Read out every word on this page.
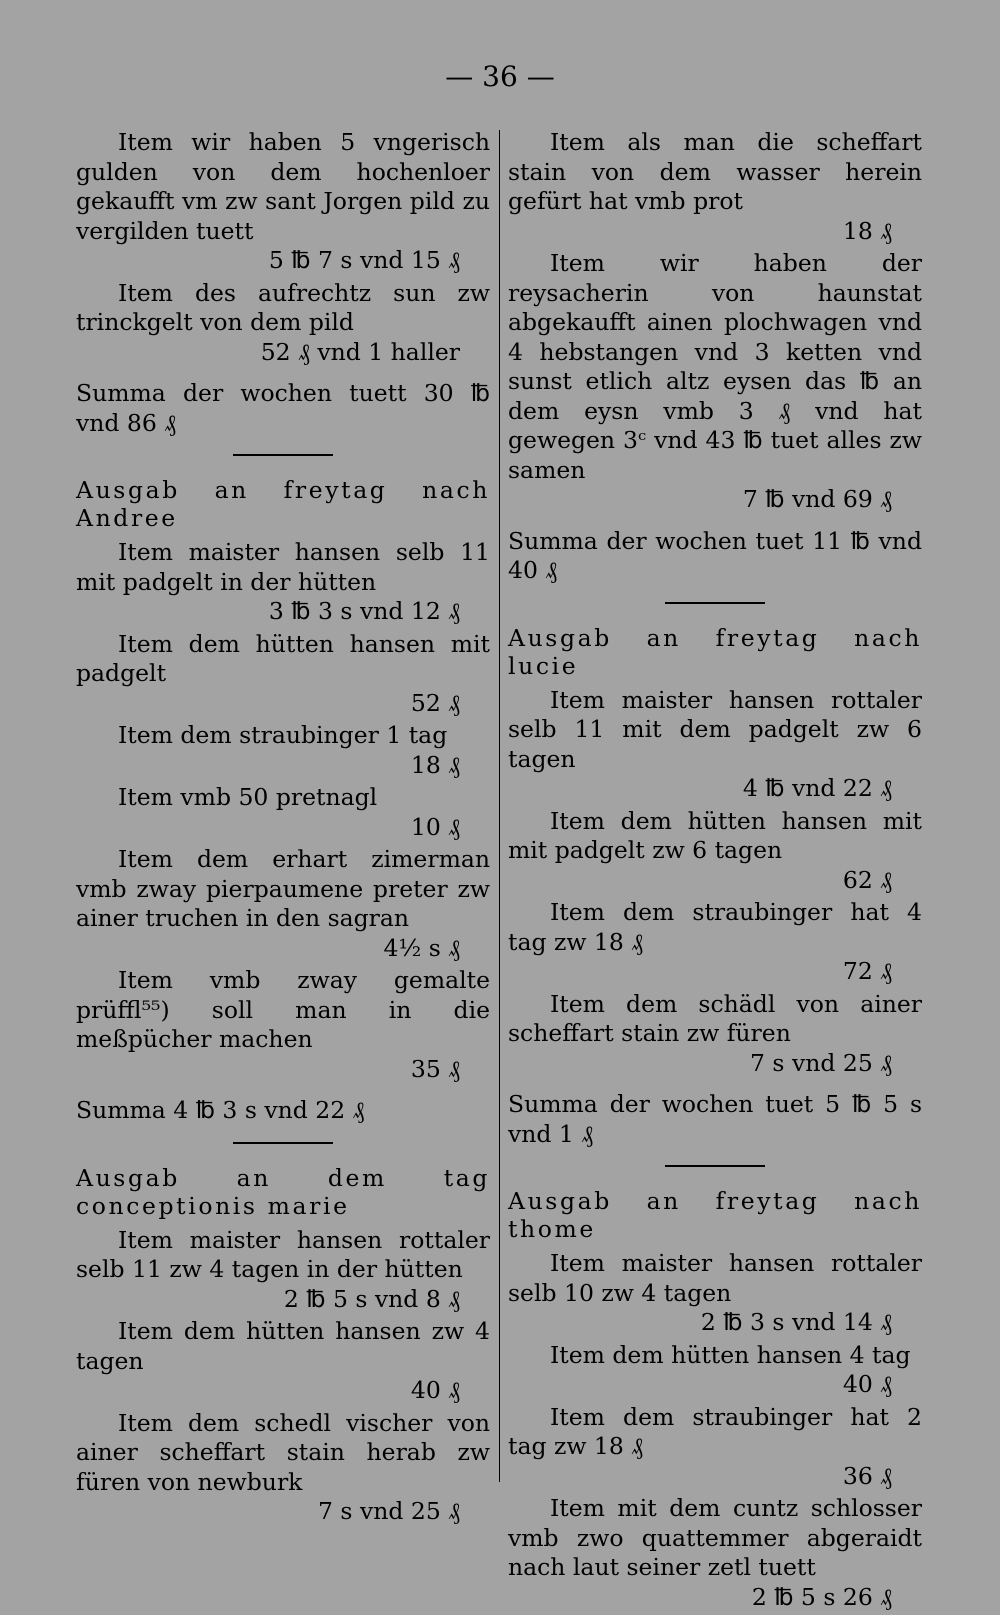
— 36 —

Item wir haben 5 vngerisch gulden von dem hochenloer gekaufft vm zw sant Jorgen pild zu vergilden tuett

5 ℔ 7 s vnd 15 ₰

Item des aufrechtz sun zw trinckgelt von dem pild

52 ₰ vnd 1 haller

Summa der wochen tuett 30 ℔ vnd 86 ₰

Ausgab an freytag nach Andree

Item maister hansen selb 11 mit padgelt in der hütten

3 ℔ 3 s vnd 12 ₰

Item dem hütten hansen mit padgelt

52 ₰

Item dem straubinger 1 tag

18 ₰

Item vmb 50 pretnagl

10 ₰

Item dem erhart zimerman vmb zway pierpaumene preter zw ainer truchen in den sagran

4½ s ₰

Item vmb zway gemalte prüffl⁵⁵) soll man in die meßpücher machen

35 ₰

Summa 4 ℔ 3 s vnd 22 ₰

Ausgab an dem tag conceptionis marie

Item maister hansen rottaler selb 11 zw 4 tagen in der hütten

2 ℔ 5 s vnd 8 ₰

Item dem hütten hansen zw 4 tagen

40 ₰

Item dem schedl vischer von ainer scheffart stain herab zw füren von newburk

7 s vnd 25 ₰

Item als man die scheffart stain von dem wasser herein gefürt hat vmb prot

18 ₰

Item wir haben der reysacherin von haunstat abgekaufft ainen plochwagen vnd 4 hebstangen vnd 3 ketten vnd sunst etlich altz eysen das ℔ an dem eysn vmb 3 ₰ vnd hat gewegen 3ᶜ vnd 43 ℔ tuet alles zw samen

7 ℔ vnd 69 ₰

Summa der wochen tuet 11 ℔ vnd 40 ₰

Ausgab an freytag nach lucie

Item maister hansen rottaler selb 11 mit dem padgelt zw 6 tagen

4 ℔ vnd 22 ₰

Item dem hütten hansen mit mit padgelt zw 6 tagen

62 ₰

Item dem straubinger hat 4 tag zw 18 ₰

72 ₰

Item dem schädl von ainer scheffart stain zw füren

7 s vnd 25 ₰

Summa der wochen tuet 5 ℔ 5 s vnd 1 ₰

Ausgab an freytag nach thome

Item maister hansen rottaler selb 10 zw 4 tagen

2 ℔ 3 s vnd 14 ₰

Item dem hütten hansen 4 tag

40 ₰

Item dem straubinger hat 2 tag zw 18 ₰

36 ₰

Item mit dem cuntz schlosser vmb zwo quattemmer abgeraidt nach laut seiner zetl tuett

2 ℔ 5 s 26 ₰
